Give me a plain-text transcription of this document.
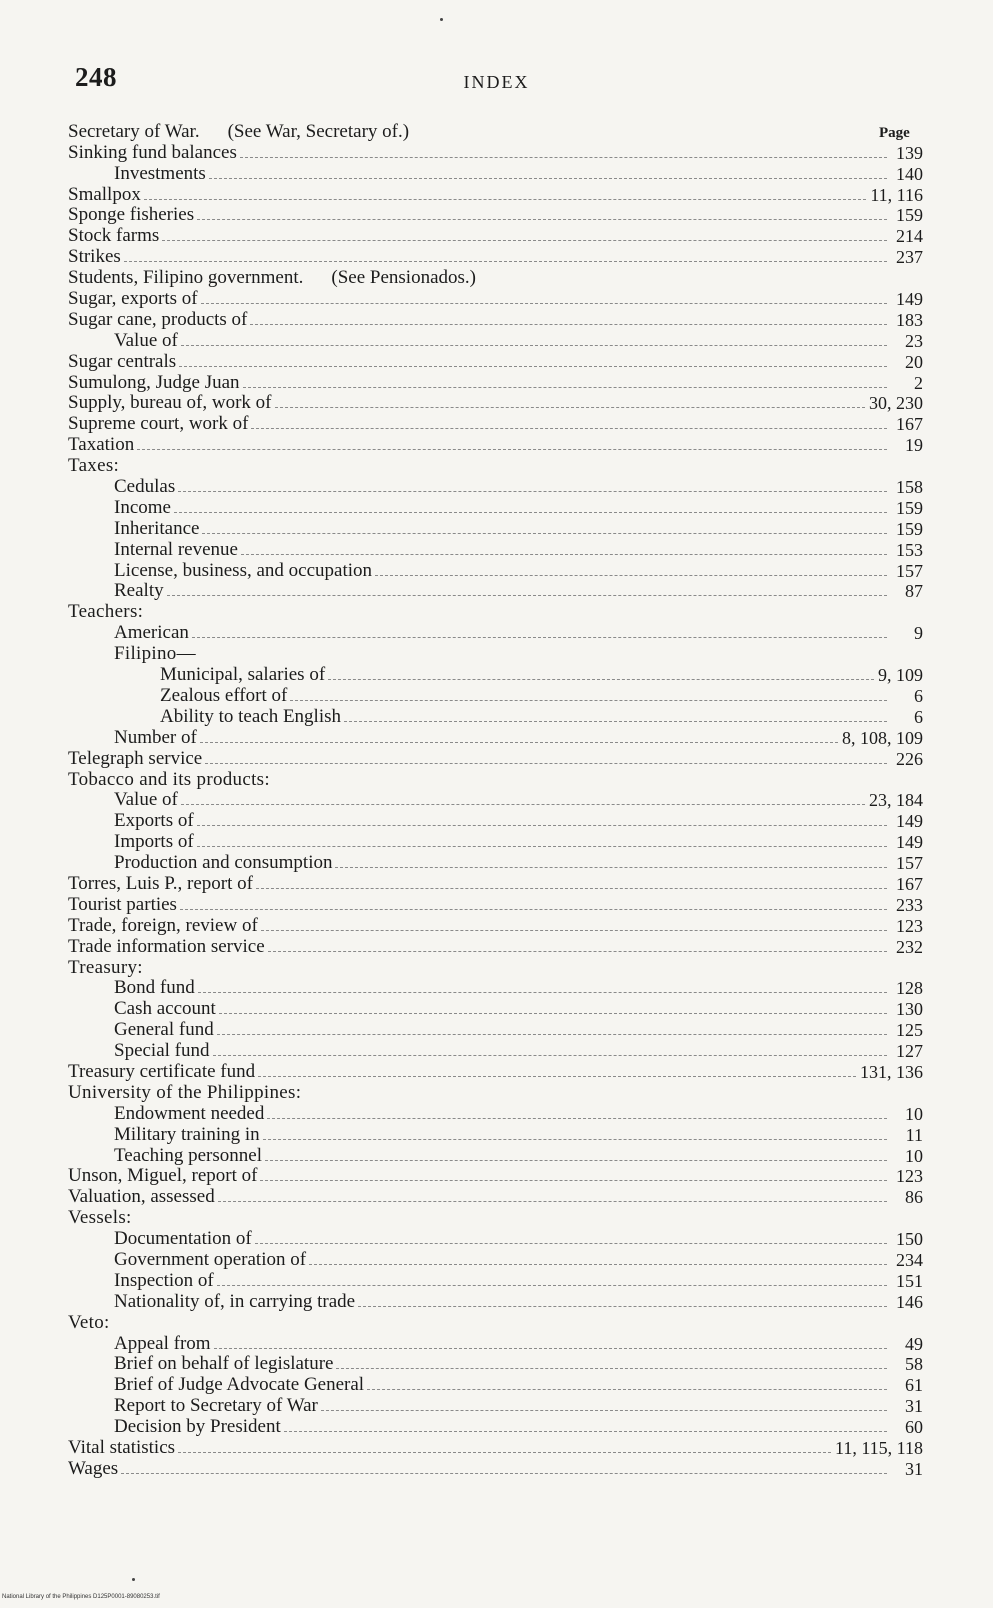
248	INDEX
Page
Secretary of War. (See War, Secretary of.)
Sinking fund balances	139
Investments	140
Smallpox	11, 116
Sponge fisheries	159
Stock farms	214
Strikes	237
Students, Filipino government. (See Pensionados.)
Sugar, exports of	149
Sugar cane, products of	183
Value of	23
Sugar centrals	20
Sumulong, Judge Juan	2
Supply, bureau of, work of	30, 230
Supreme court, work of	167
Taxation	19
Taxes:
Cedulas	158
Income	159
Inheritance	159
Internal revenue	153
License, business, and occupation	157
Realty	87
Teachers:
American	9
Filipino—
Municipal, salaries of	9, 109
Zealous effort of	6
Ability to teach English	6
Number of	8, 108, 109
Telegraph service	226
Tobacco and its products:
Value of	23, 184
Exports of	149
Imports of	149
Production and consumption	157
Torres, Luis P., report of	167
Tourist parties	233
Trade, foreign, review of	123
Trade information service	232
Treasury:
Bond fund	128
Cash account	130
General fund	125
Special fund	127
Treasury certificate fund	131, 136
University of the Philippines:
Endowment needed	10
Military training in	11
Teaching personnel	10
Unson, Miguel, report of	123
Valuation, assessed	86
Vessels:
Documentation of	150
Government operation of	234
Inspection of	151
Nationality of, in carrying trade	146
Veto:
Appeal from	49
Brief on behalf of legislature	58
Brief of Judge Advocate General	61
Report to Secretary of War	31
Decision by President	60
Vital statistics	11, 115, 118
Wages	31
National Library of the Philippines D125P0001-89080253.tif
